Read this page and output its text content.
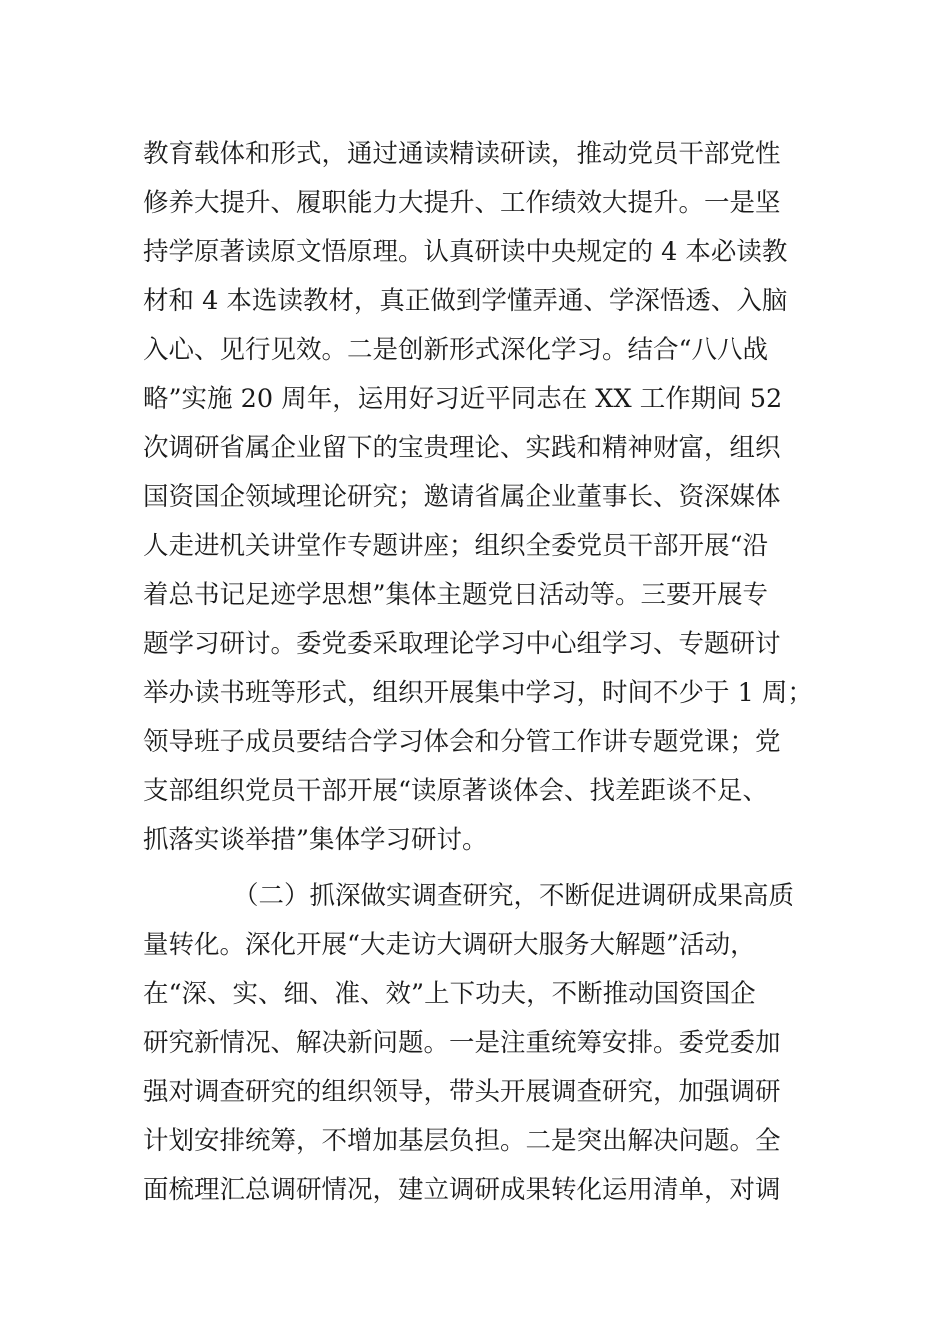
教育载体和形式，通过通读精读研读，推动党员干部党性
修养大提升、履职能力大提升、工作绩效大提升。一是坚
持学原著读原文悟原理。认真研读中央规定的 4 本必读教
材和 4 本选读教材，真正做到学懂弄通、学深悟透、入脑
入心、见行见效。二是创新形式深化学习。结合“八八战
略”实施 20 周年，运用好习近平同志在 XX 工作期间 52
次调研省属企业留下的宝贵理论、实践和精神财富，组织
国资国企领域理论研究；邀请省属企业董事长、资深媒体
人走进机关讲堂作专题讲座；组织全委党员干部开展“沿
着总书记足迹学思想”集体主题党日活动等。三要开展专
题学习研讨。委党委采取理论学习中心组学习、专题研讨
举办读书班等形式，组织开展集中学习，时间不少于 1 周；
领导班子成员要结合学习体会和分管工作讲专题党课；党
支部组织党员干部开展“读原著谈体会、找差距谈不足、
抓落实谈举措”集体学习研讨。
（二）抓深做实调查研究，不断促进调研成果高质
量转化。深化开展“大走访大调研大服务大解题”活动，
在“深、实、细、准、效”上下功夫，不断推动国资国企
研究新情况、解决新问题。一是注重统筹安排。委党委加
强对调查研究的组织领导，带头开展调查研究，加强调研
计划安排统筹，不增加基层负担。二是突出解决问题。全
面梳理汇总调研情况，建立调研成果转化运用清单，对调
